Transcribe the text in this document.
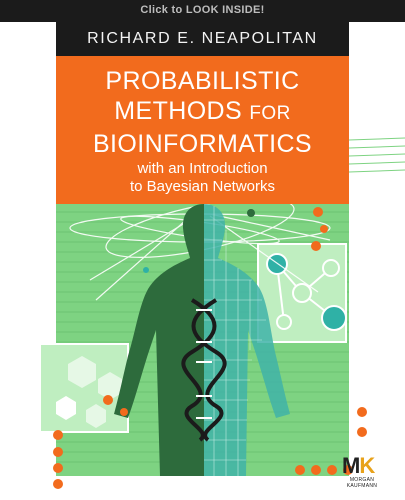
Click to LOOK INSIDE!
RICHARD E. NEAPOLITAN
PROBABILISTIC
METHODS FOR
BIOINFORMATICS
with an Introduction
to Bayesian Networks
MK
MORGAN KAUFMANN
